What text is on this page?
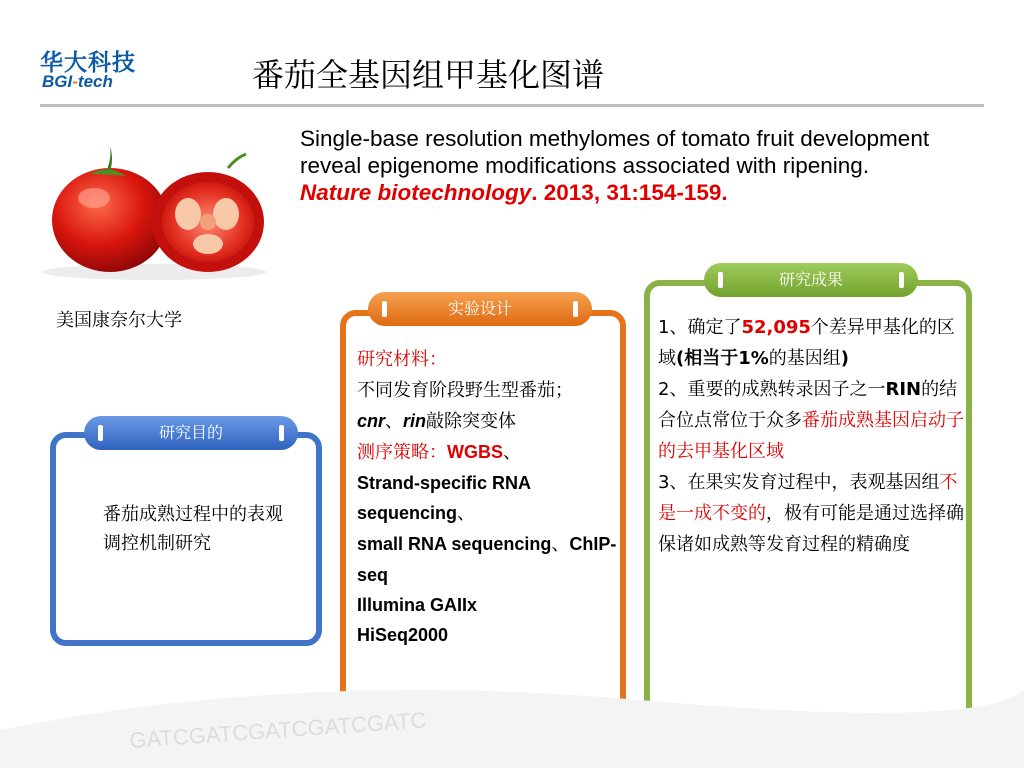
华大科技
BGI-tech	番茄全基因组甲基化图谱
美国康奈尔大学
Single-base resolution methylomes of tomato fruit development reveal epigenome modifications associated with ripening.
Nature biotechnology. 2013, 31:154-159.
研究目的
番茄成熟过程中的表观调控机制研究
实验设计
研究材料：
不同发育阶段野生型番茄；cnr、rin敲除突变体
测序策略：WGBS、
Strand-specific RNA sequencing、
small RNA sequencing、ChIP-seq
Illumina GAIIx
HiSeq2000
研究成果
1、确定了52,095个差异甲基化的区域(相当于1%的基因组)
2、重要的成熟转录因子之一RIN的结合位点常位于众多番茄成熟基因启动子的去甲基化区域
3、在果实发育过程中，表观基因组不是一成不变的，极有可能是通过选择确保诸如成熟等发育过程的精确度
GATCGATCGATCGATCGATC
